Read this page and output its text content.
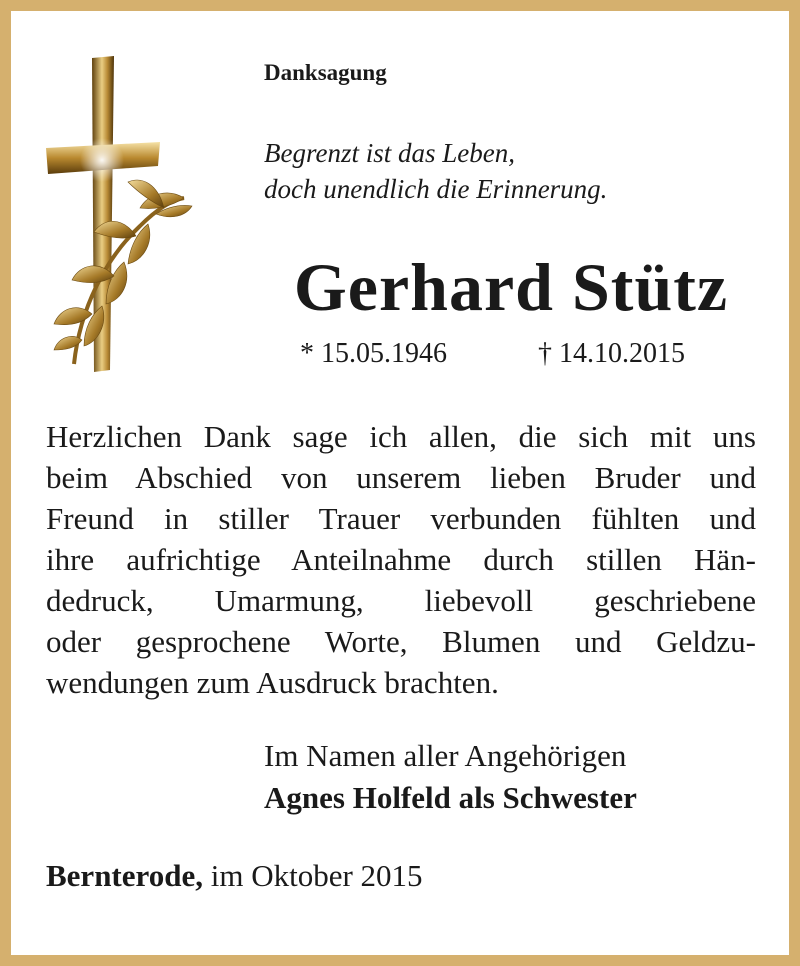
Danksagung
Begrenzt ist das Leben,
doch unendlich die Erinnerung.
Gerhard Stütz
* 15.05.1946	† 14.10.2015
Herzlichen Dank sage ich allen, die sich mit uns
beim Abschied von unserem lieben Bruder und
Freund in stiller Trauer verbunden fühlten und
ihre aufrichtige Anteilnahme durch stillen Hän-
dedruck, Umarmung, liebevoll geschriebene
oder gesprochene Worte, Blumen und Geldzu-
wendungen zum Ausdruck brachten.
Im Namen aller Angehörigen
Agnes Holfeld als Schwester
Bernterode, im Oktober 2015
